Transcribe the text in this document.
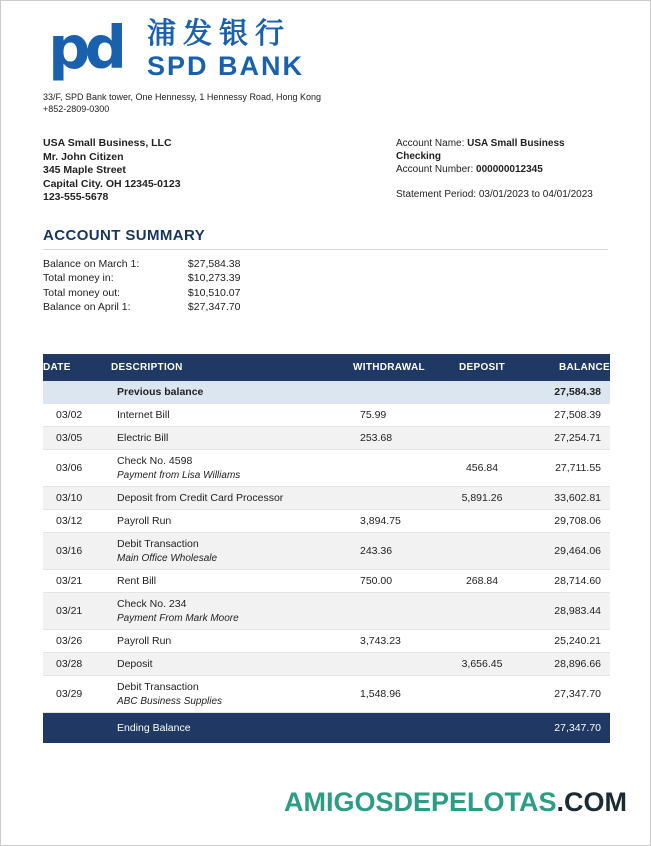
pd 浦发银行
SPD BANK
33/F, SPD Bank tower, One Hennessy, 1 Hennessy Road, Hong Kong
+852-2809-0300
USA Small Business, LLC
Mr. John Citizen
345 Maple Street
Capital City. OH 12345-0123
123-555-5678
Account Name: USA Small Business Checking
Account Number: 000000012345
Statement Period: 03/01/2023 to 04/01/2023
ACCOUNT SUMMARY
Balance on March 1:	$27,584.38
Total money in:	$10,273.39
Total money out:	$10,510.07
Balance on April 1:	$27,347.70
DATE	DESCRIPTION	WITHDRAWAL	DEPOSIT	BALANCE
	Previous balance			27,584.38
03/02	Internet Bill	75.99		27,508.39
03/05	Electric Bill	253.68		27,254.71
03/06	Check No. 4598
Payment from Lisa Williams		456.84	27,711.55
03/10	Deposit from Credit Card Processor		5,891.26	33,602.81
03/12	Payroll Run	3,894.75		29,708.06
03/16	Debit Transaction
Main Office Wholesale	243.36		29,464.06
03/21	Rent Bill	750.00	268.84	28,714.60
03/21	Check No. 234
Payment From Mark Moore			28,983.44
03/26	Payroll Run	3,743.23		25,240.21
03/28	Deposit		3,656.45	28,896.66
03/29	Debit Transaction
ABC Business Supplies	1,548.96		27,347.70
	Ending Balance			27,347.70
AMIGOSDEPELOTAS.COM
